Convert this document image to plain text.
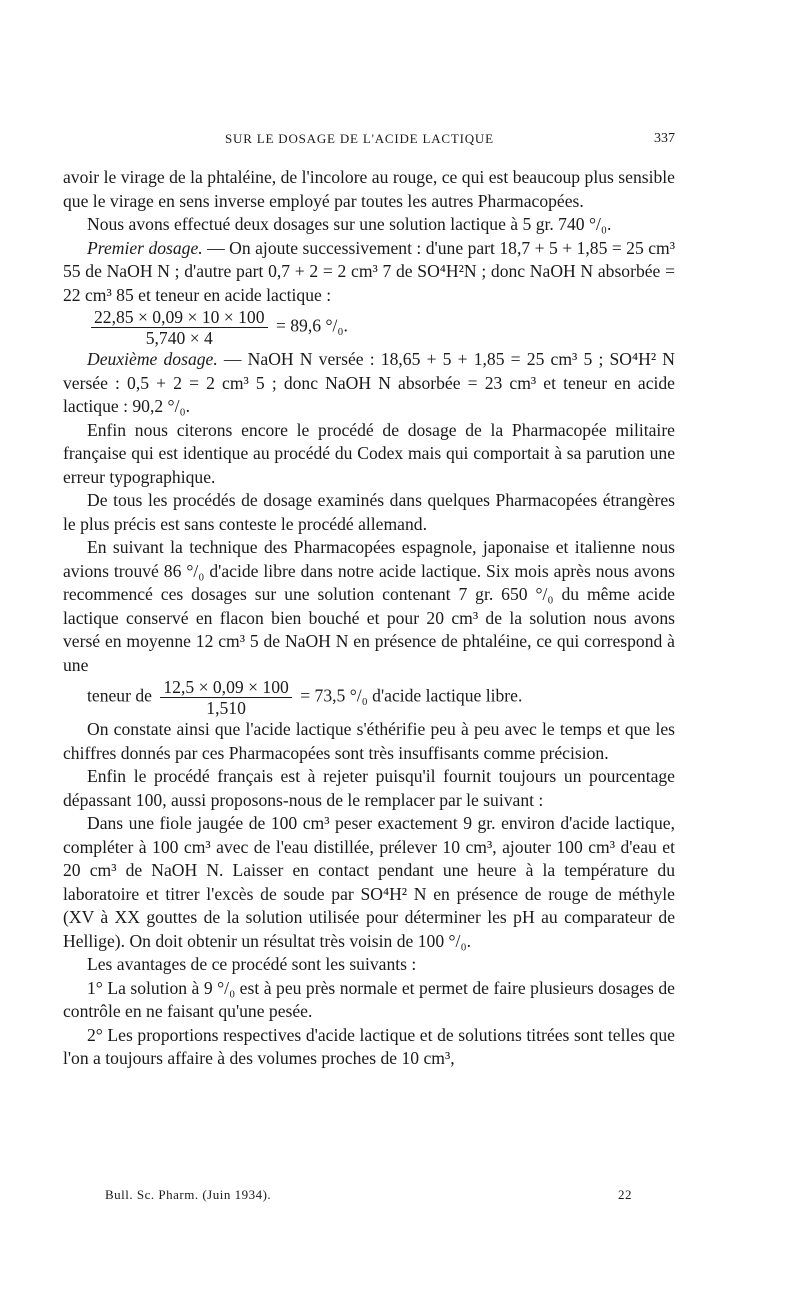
SUR LE DOSAGE DE L'ACIDE LACTIQUE	337

avoir le virage de la phtaléine, de l'incolore au rouge, ce qui est beaucoup plus sensible que le virage en sens inverse employé par toutes les autres Pharmacopées.

Nous avons effectué deux dosages sur une solution lactique à 5 gr. 740 °/₀.

Premier dosage. — On ajoute successivement : d'une part 18,7 + 5 + 1,85 = 25 cm³ 55 de NaOH N ; d'autre part 0,7 + 2 = 2 cm³ 7 de SO⁴H²N ; donc NaOH N absorbée = 22 cm³ 85 et teneur en acide lactique :

$\frac{22,85 \times 0,09 \times 10 \times 100}{5,740 \times 4} = 89,6$ °/₀.

Deuxième dosage. — NaOH N versée : 18,65 + 5 + 1,85 = 25 cm³ 5 ; SO⁴H² N versée : 0,5 + 2 = 2 cm³ 5 ; donc NaOH N absorbée = 23 cm³ et teneur en acide lactique : 90,2 °/₀.

Enfin nous citerons encore le procédé de dosage de la Pharmacopée militaire française qui est identique au procédé du Codex mais qui comportait à sa parution une erreur typographique.

De tous les procédés de dosage examinés dans quelques Pharmacopées étrangères le plus précis est sans conteste le procédé allemand.

En suivant la technique des Pharmacopées espagnole, japonaise et italienne nous avions trouvé 86 °/₀ d'acide libre dans notre acide lactique. Six mois après nous avons recommencé ces dosages sur une solution contenant 7 gr. 650 °/₀ du même acide lactique conservé en flacon bien bouché et pour 20 cm³ de la solution nous avons versé en moyenne 12 cm³ 5 de NaOH N en présence de phtaléine, ce qui correspond à une

teneur de $\frac{12,5 \times 0,09 \times 100}{1,510} = 73,5$ °/₀ d'acide lactique libre.

On constate ainsi que l'acide lactique s'éthérifie peu à peu avec le temps et que les chiffres donnés par ces Pharmacopées sont très insuffisants comme précision.

Enfin le procédé français est à rejeter puisqu'il fournit toujours un pourcentage dépassant 100, aussi proposons-nous de le remplacer par le suivant :

Dans une fiole jaugée de 100 cm³ peser exactement 9 gr. environ d'acide lactique, compléter à 100 cm³ avec de l'eau distillée, prélever 10 cm³, ajouter 100 cm³ d'eau et 20 cm³ de NaOH N. Laisser en contact pendant une heure à la température du laboratoire et titrer l'excès de soude par SO⁴H² N en présence de rouge de méthyle (XV à XX gouttes de la solution utilisée pour déterminer les pH au comparateur de Hellige). On doit obtenir un résultat très voisin de 100 °/₀.

Les avantages de ce procédé sont les suivants :

1° La solution à 9 °/₀ est à peu près normale et permet de faire plusieurs dosages de contrôle en ne faisant qu'une pesée.

2° Les proportions respectives d'acide lactique et de solutions titrées sont telles que l'on a toujours affaire à des volumes proches de 10 cm³,

Bull. Sc. Pharm. (Juin 1934).	22
